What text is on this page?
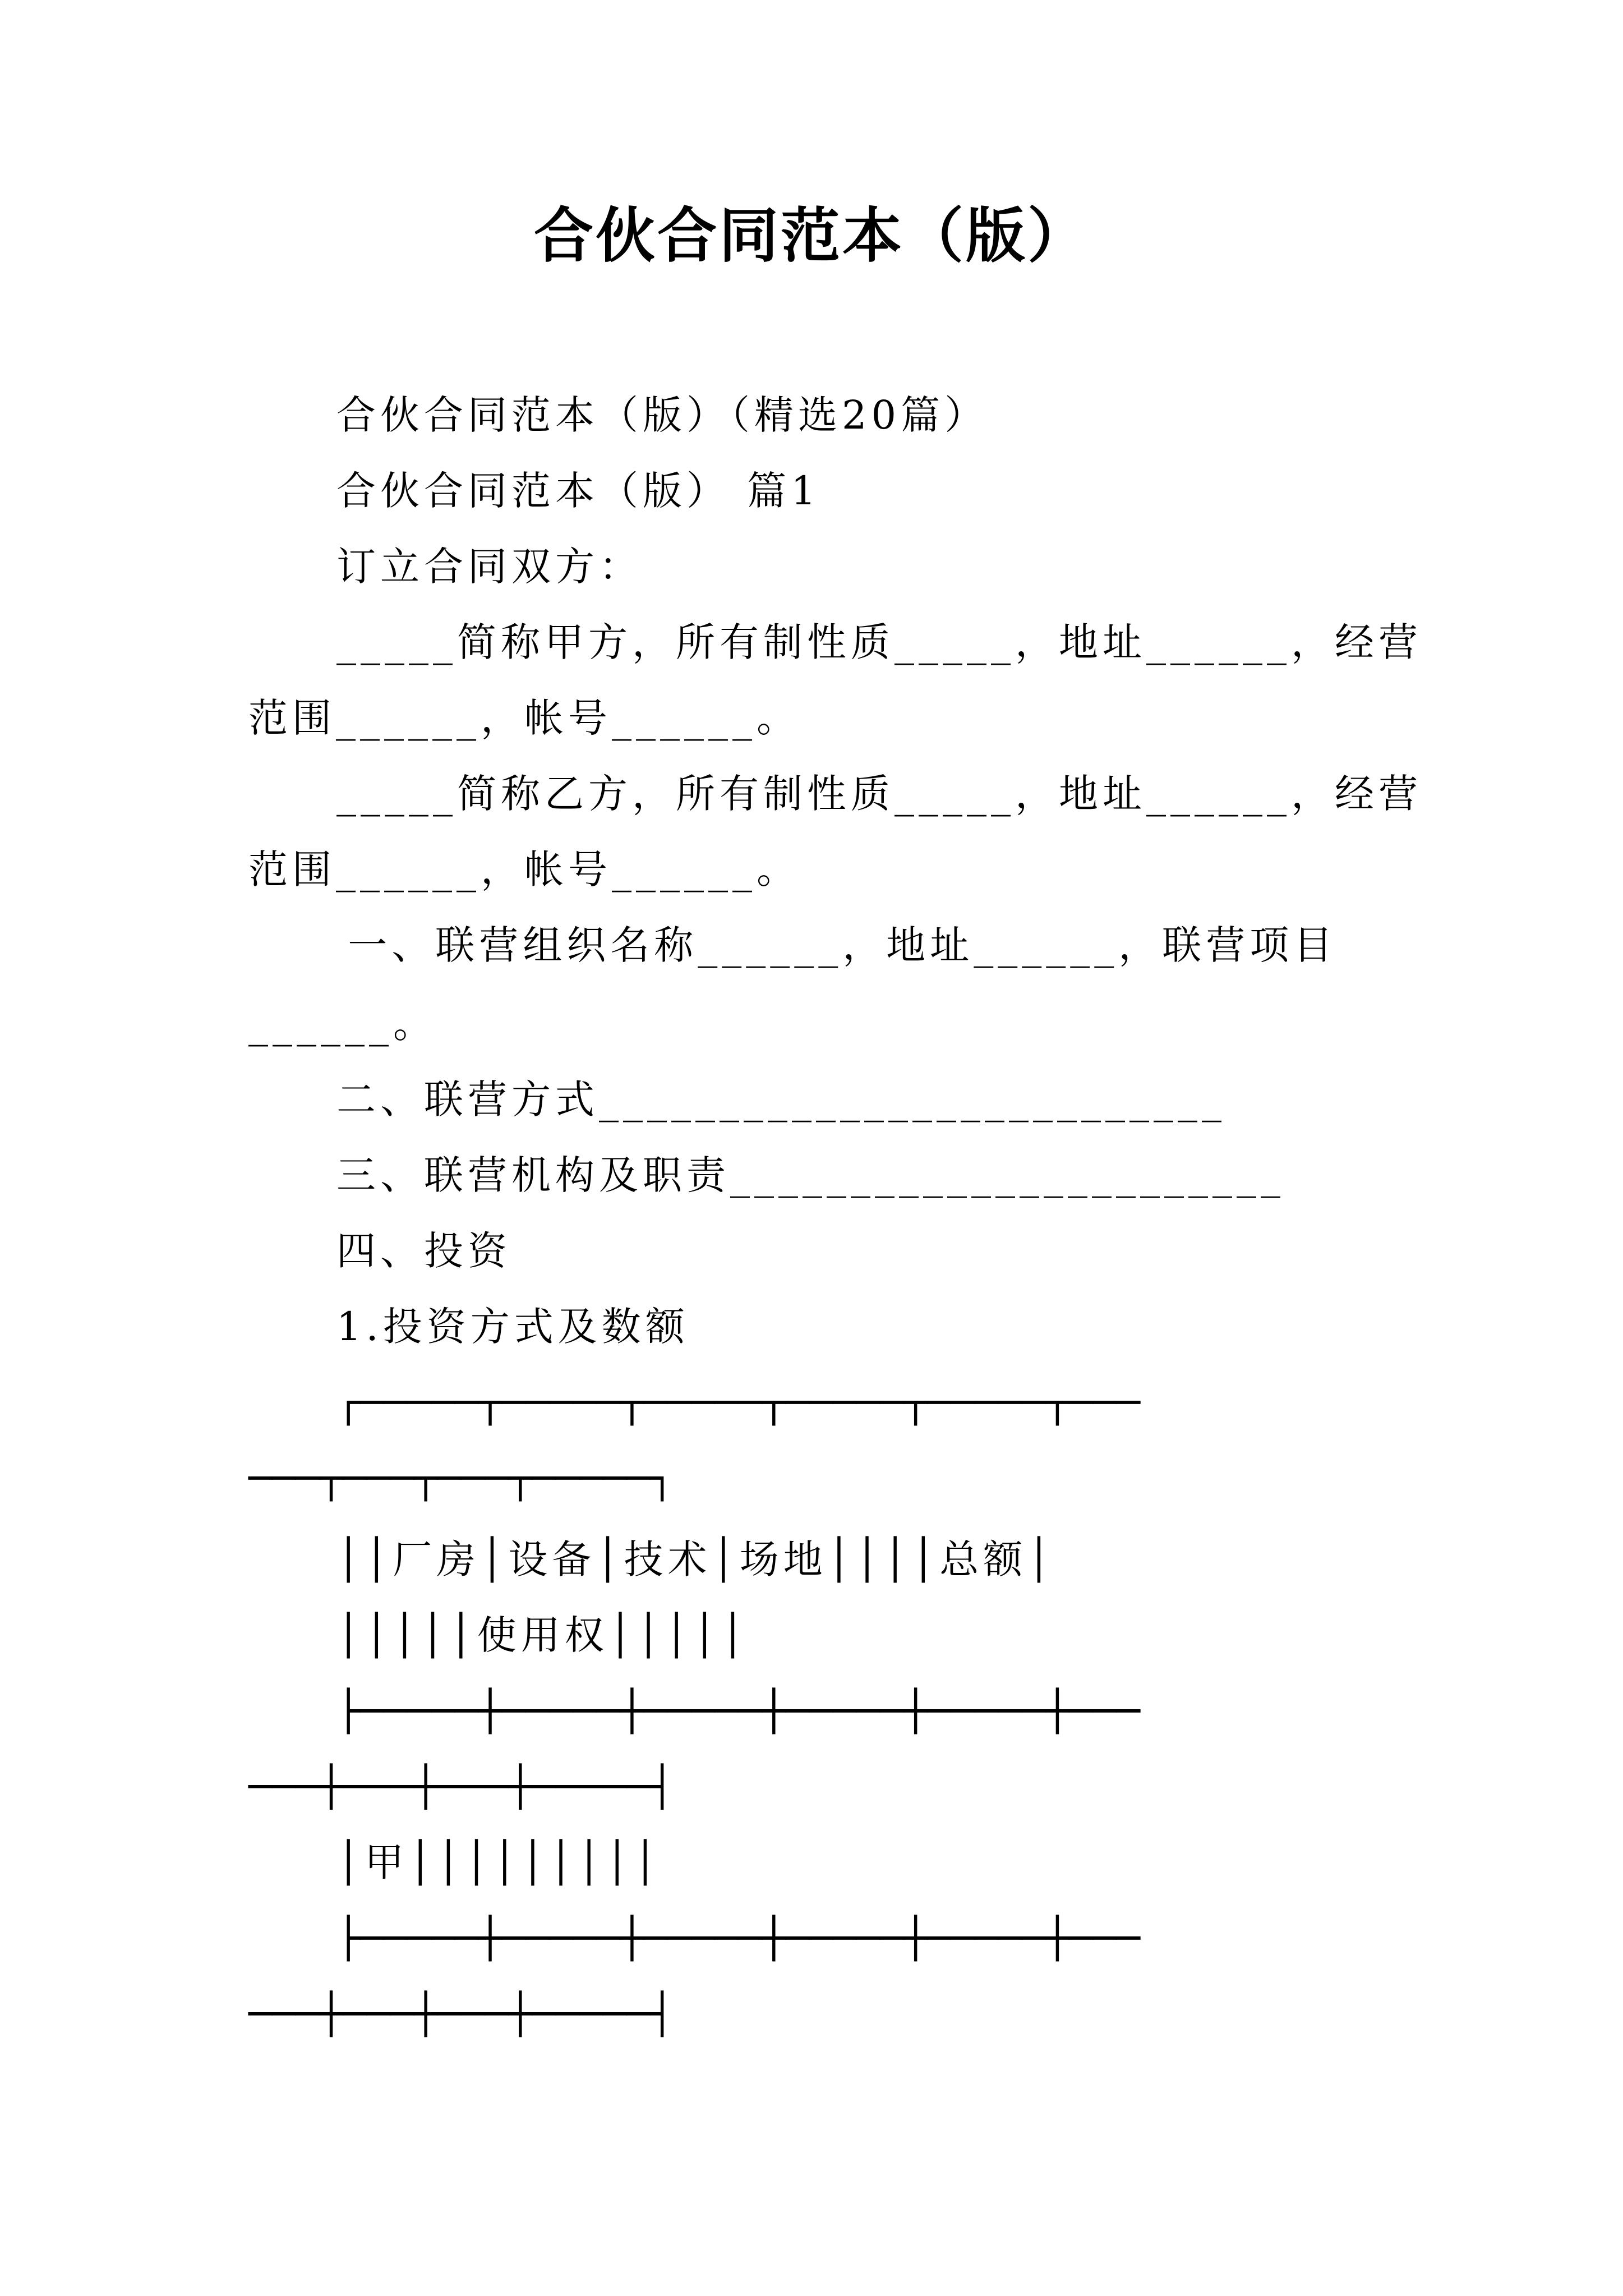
合伙合同范本（版）
合伙合同范本（版）（精选20篇）
合伙合同范本（版） 篇1
订立合同双方：
_____简称甲方，所有制性质_____，地址______，经营
范围______，帐号______。
_____简称乙方，所有制性质_____，地址______，经营
范围______，帐号______。
一、联营组织名称______，地址______，联营项目
______。
二、联营方式__________________________
三、联营机构及职责_______________________
四、投资
1.投资方式及数额
┌─────┬─────┬─────┬─────┬─────┬───
───┬───┬───┬─────┐
││厂房│设备│技术│场地││││总额│
│││││使用权│││││
├─────┼─────┼─────┼─────┼─────┼───
───┼───┼───┼─────┤
│甲│││││││││
├─────┼─────┼─────┼─────┼─────┼───
───┼───┼───┼─────┤
